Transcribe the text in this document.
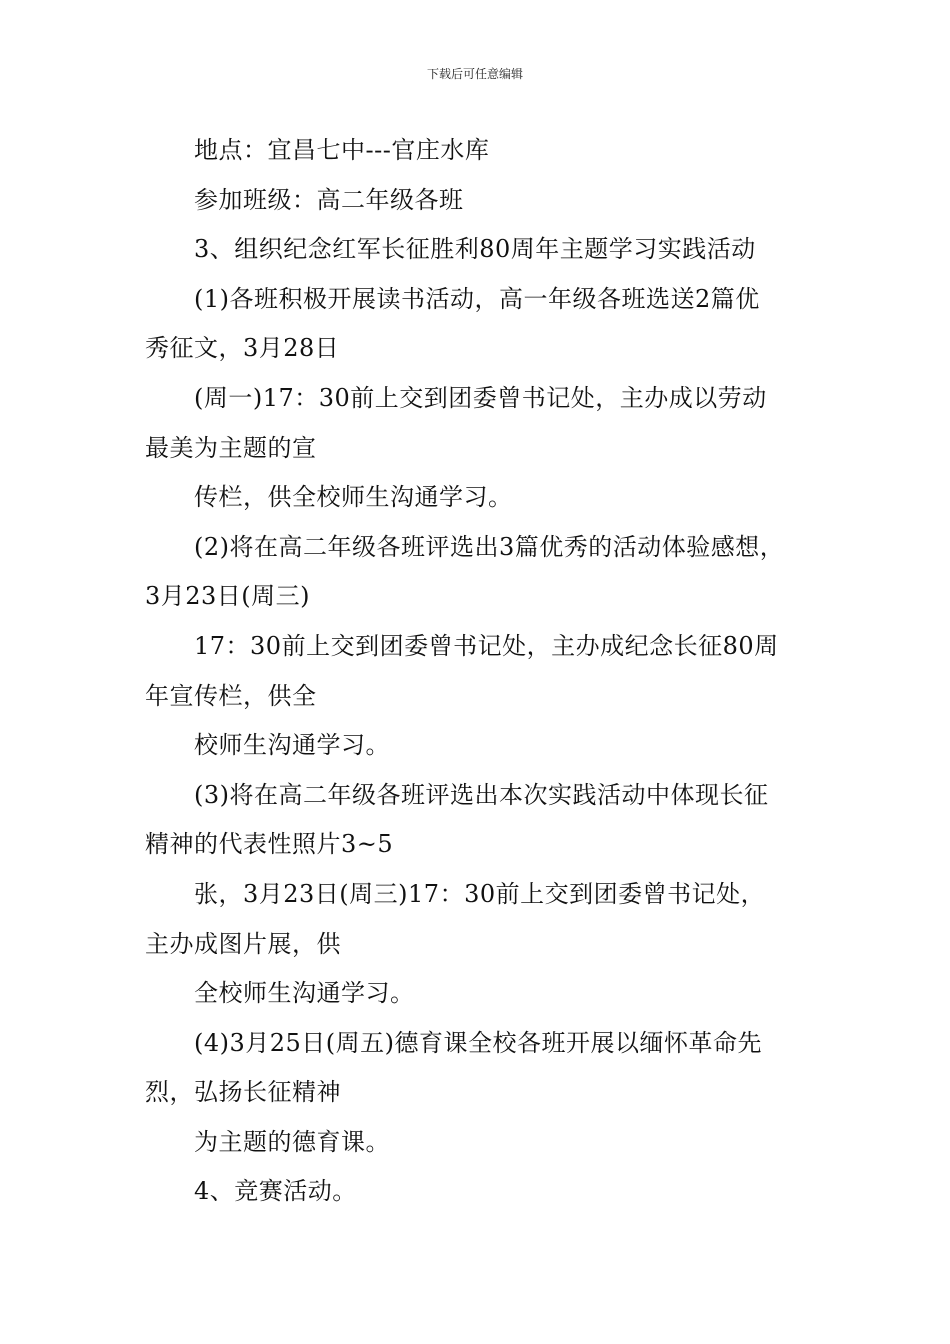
下载后可任意编辑
地点：宜昌七中---官庄水库
参加班级：高二年级各班
3、组织纪念红军长征胜利80周年主题学习实践活动
(1)各班积极开展读书活动，高一年级各班选送2篇优
秀征文，3月28日
(周一)17：30前上交到团委曾书记处，主办成以劳动
最美为主题的宣
传栏，供全校师生沟通学习。
(2)将在高二年级各班评选出3篇优秀的活动体验感想，
3月23日(周三)
17：30前上交到团委曾书记处，主办成纪念长征80周
年宣传栏，供全
校师生沟通学习。
(3)将在高二年级各班评选出本次实践活动中体现长征
精神的代表性照片3~5
张，3月23日(周三)17：30前上交到团委曾书记处，
主办成图片展，供
全校师生沟通学习。
(4)3月25日(周五)德育课全校各班开展以缅怀革命先
烈，弘扬长征精神
为主题的德育课。
4、竞赛活动。
